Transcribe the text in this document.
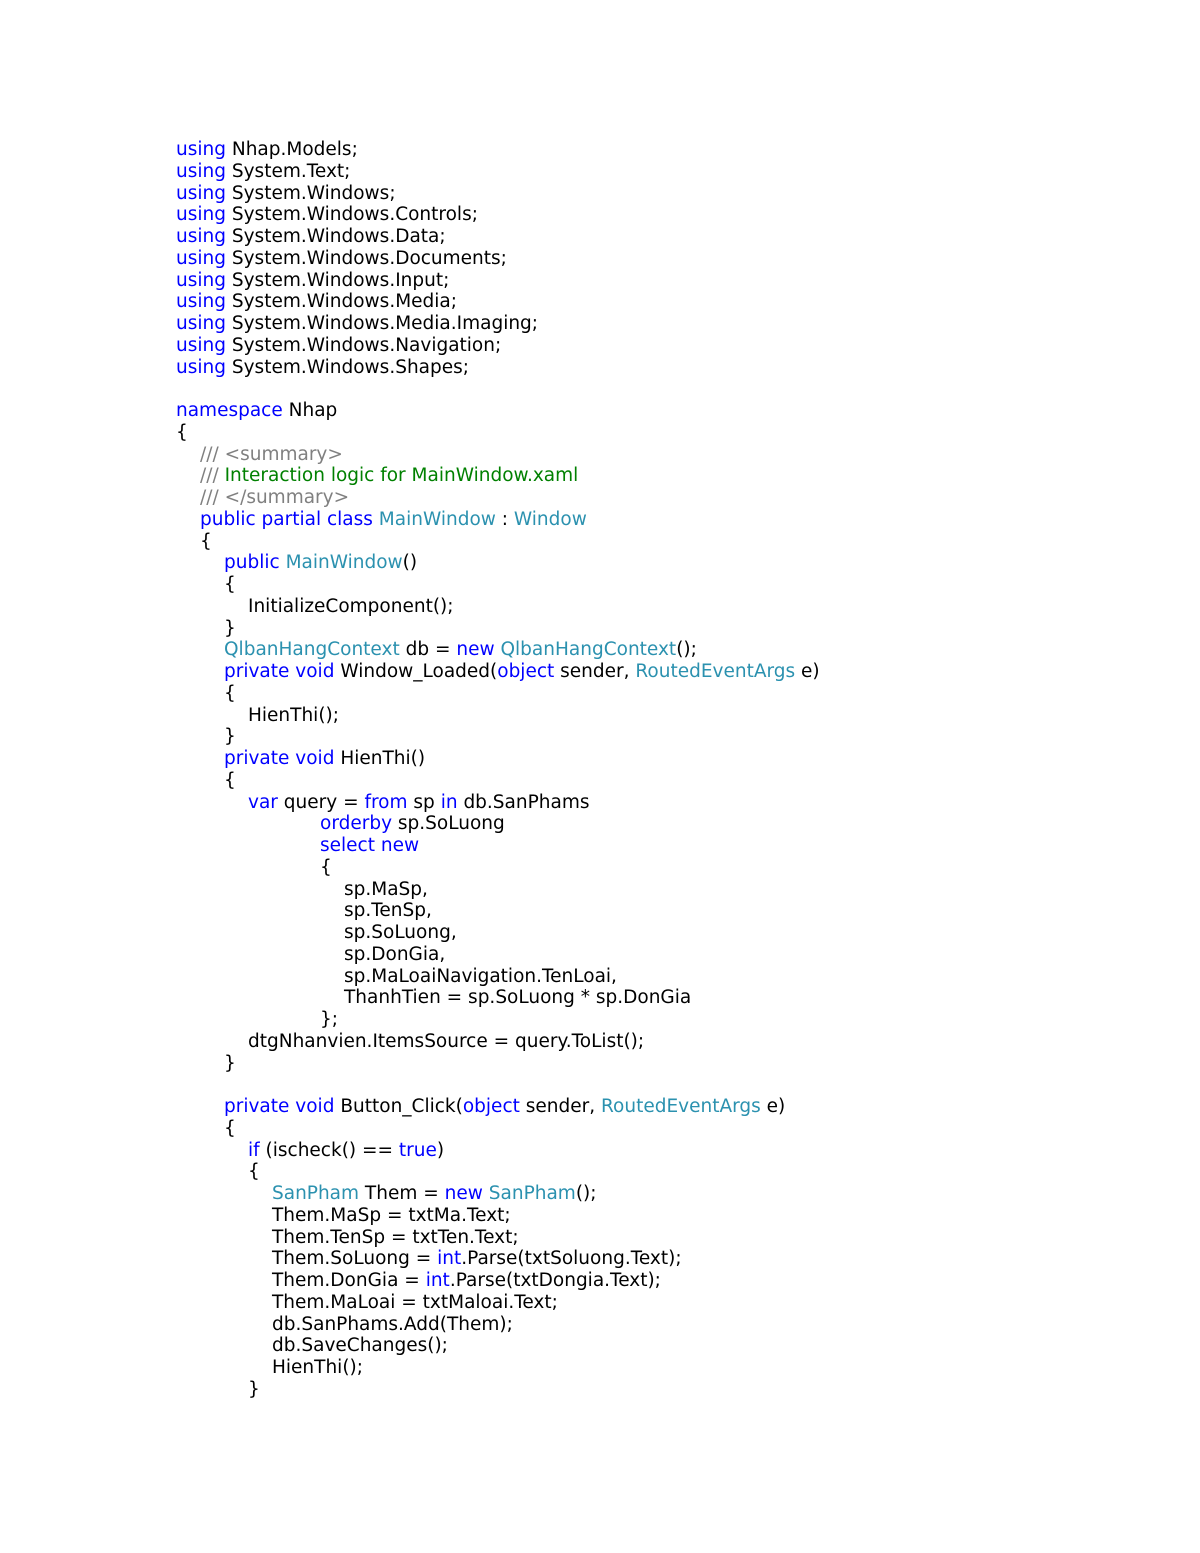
using Nhap.Models;
using System.Text;
using System.Windows;
using System.Windows.Controls;
using System.Windows.Data;
using System.Windows.Documents;
using System.Windows.Input;
using System.Windows.Media;
using System.Windows.Media.Imaging;
using System.Windows.Navigation;
using System.Windows.Shapes;
namespace Nhap
{
/// <summary>
/// Interaction logic for MainWindow.xaml
/// </summary>
public partial class MainWindow : Window
{
public MainWindow()
{
InitializeComponent();
}
QlbanHangContext db = new QlbanHangContext();
private void Window_Loaded(object sender, RoutedEventArgs e)
{
HienThi();
}
private void HienThi()
{
var query = from sp in db.SanPhams
orderby sp.SoLuong
select new
{
sp.MaSp,
sp.TenSp,
sp.SoLuong,
sp.DonGia,
sp.MaLoaiNavigation.TenLoai,
ThanhTien = sp.SoLuong * sp.DonGia
};
dtgNhanvien.ItemsSource = query.ToList();
}
private void Button_Click(object sender, RoutedEventArgs e)
{
if (ischeck() == true)
{
SanPham Them = new SanPham();
Them.MaSp = txtMa.Text;
Them.TenSp = txtTen.Text;
Them.SoLuong = int.Parse(txtSoluong.Text);
Them.DonGia = int.Parse(txtDongia.Text);
Them.MaLoai = txtMaloai.Text;
db.SanPhams.Add(Them);
db.SaveChanges();
HienThi();
}
